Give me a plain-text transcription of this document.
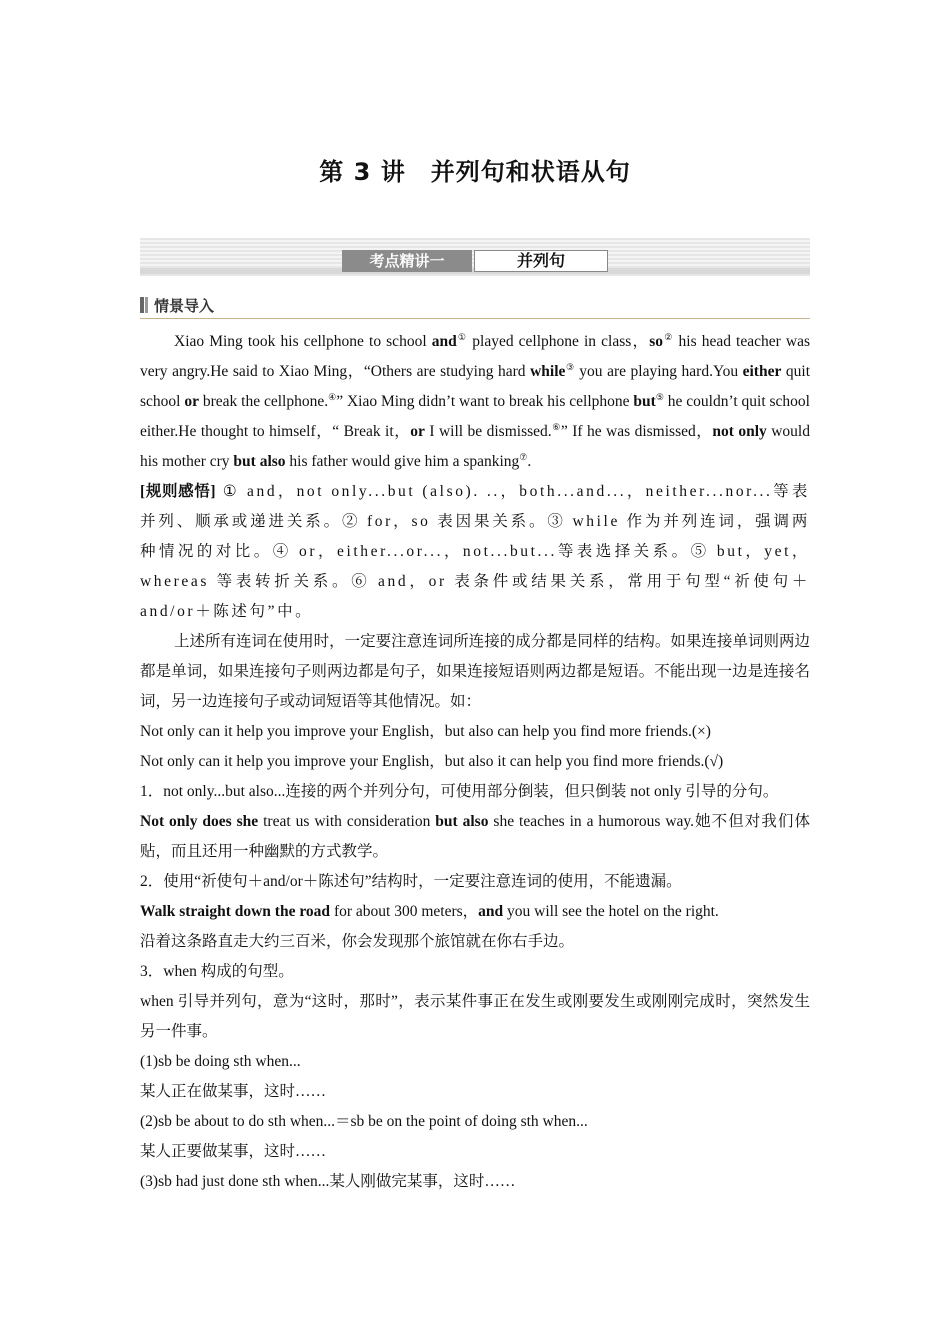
第 3 讲　并列句和状语从句
考点精讲一	并列句
情景导入

Xiao Ming took his cellphone to school and① played cellphone in class，so② his head teacher was very angry.He said to Xiao Ming，“Others are studying hard while③ you are playing hard.You either quit school or break the cellphone.④” Xiao Ming didn’t want to break his cellphone but⑤ he couldn’t quit school either.He thought to himself，“ Break it，or I will be dismissed.⑥” If he was dismissed，not only would his mother cry but also his father would give him a spanking⑦.

[规则感悟] ① and，not only...but (also). ..，both...and...，neither...nor...等表并列、顺承或递进关系。② for，so 表因果关系。③ while 作为并列连词，强调两种情况的对比。④ or，either...or...，not...but...等表选择关系。⑤ but，yet，whereas 等表转折关系。⑥ and，or 表条件或结果关系，常用于句型“祈使句＋and/or＋陈述句”中。

上述所有连词在使用时，一定要注意连词所连接的成分都是同样的结构。如果连接单词则两边都是单词，如果连接句子则两边都是句子，如果连接短语则两边都是短语。不能出现一边是连接名词，另一边连接句子或动词短语等其他情况。如：

Not only can it help you improve your English，but also can help you find more friends.(×)

Not only can it help you improve your English，but also it can help you find more friends.(√)

1．not only...but also...连接的两个并列分句，可使用部分倒装，但只倒装 not only 引导的分句。

Not only does she treat us with consideration but also she teaches in a humorous way.她不但对我们体贴，而且还用一种幽默的方式教学。

2．使用“祈使句＋and/or＋陈述句”结构时，一定要注意连词的使用，不能遗漏。

Walk straight down the road for about 300 meters，and you will see the hotel on the right.

沿着这条路直走大约三百米，你会发现那个旅馆就在你右手边。

3．when 构成的句型。

when 引导并列句，意为“这时，那时”，表示某件事正在发生或刚要发生或刚刚完成时，突然发生另一件事。

(1)sb be doing sth when...

某人正在做某事，这时……

(2)sb be about to do sth when...＝sb be on the point of doing sth when...

某人正要做某事，这时……

(3)sb had just done sth when...某人刚做完某事，这时……
